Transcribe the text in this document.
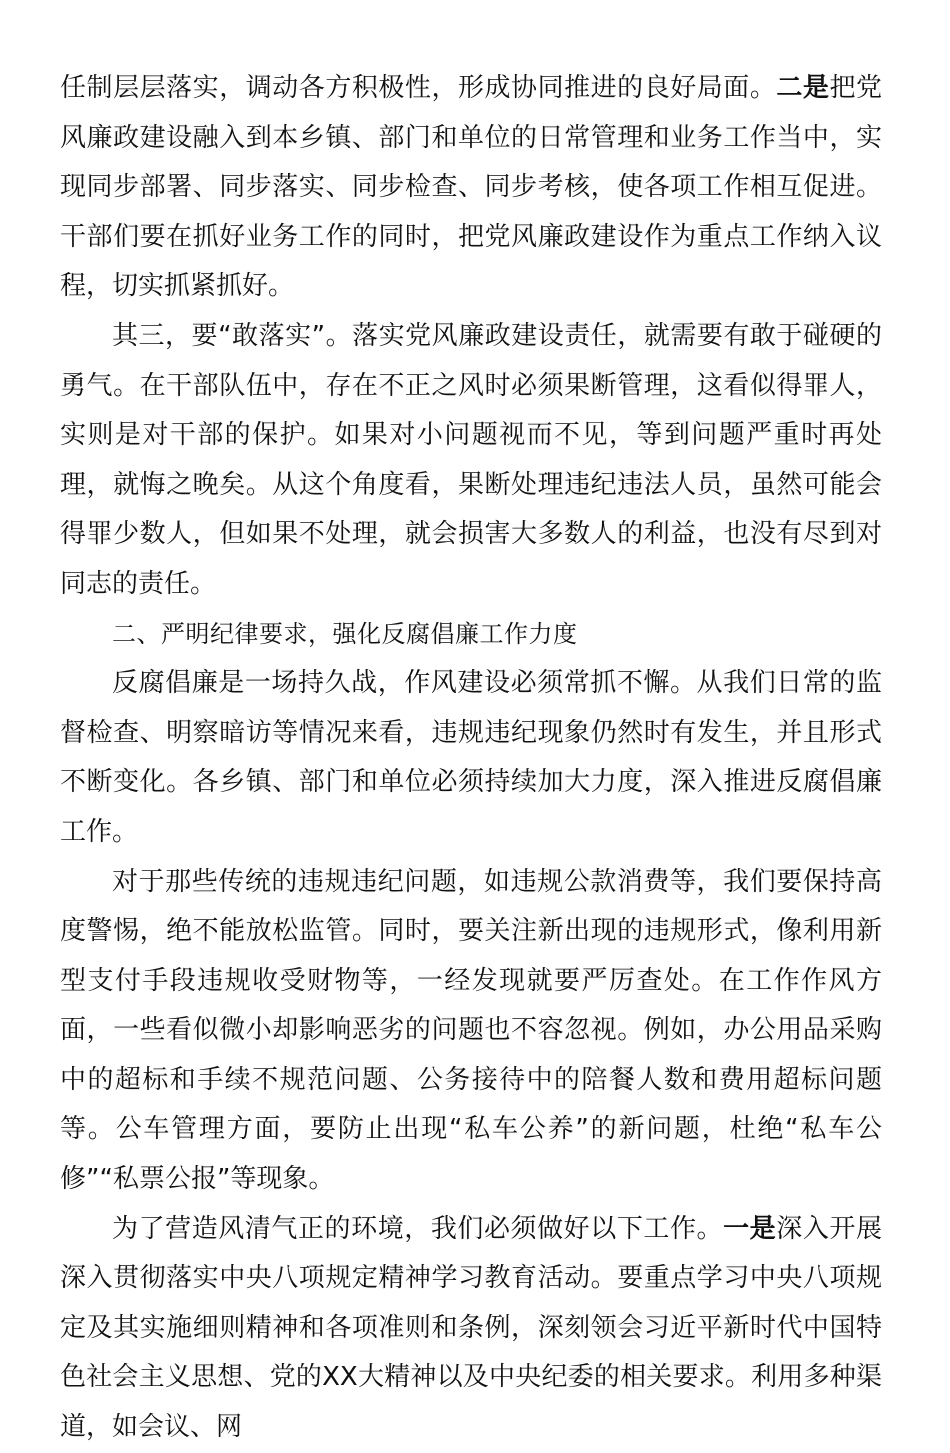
任制层层落实，调动各方积极性，形成协同推进的良好局面。二是把党风廉政建设融入到本乡镇、部门和单位的日常管理和业务工作当中，实现同步部署、同步落实、同步检查、同步考核，使各项工作相互促进。干部们要在抓好业务工作的同时，把党风廉政建设作为重点工作纳入议程，切实抓紧抓好。

其三，要“敢落实”。落实党风廉政建设责任，就需要有敢于碰硬的勇气。在干部队伍中，存在不正之风时必须果断管理，这看似得罪人，实则是对干部的保护。如果对小问题视而不见，等到问题严重时再处理，就悔之晚矣。从这个角度看，果断处理违纪违法人员，虽然可能会得罪少数人，但如果不处理，就会损害大多数人的利益，也没有尽到对同志的责任。

二、严明纪律要求，强化反腐倡廉工作力度

反腐倡廉是一场持久战，作风建设必须常抓不懈。从我们日常的监督检查、明察暗访等情况来看，违规违纪现象仍然时有发生，并且形式不断变化。各乡镇、部门和单位必须持续加大力度，深入推进反腐倡廉工作。

对于那些传统的违规违纪问题，如违规公款消费等，我们要保持高度警惕，绝不能放松监管。同时，要关注新出现的违规形式，像利用新型支付手段违规收受财物等，一经发现就要严厉查处。在工作作风方面，一些看似微小却影响恶劣的问题也不容忽视。例如，办公用品采购中的超标和手续不规范问题、公务接待中的陪餐人数和费用超标问题等。公车管理方面，要防止出现“私车公养”的新问题，杜绝“私车公修”“私票公报”等现象。

为了营造风清气正的环境，我们必须做好以下工作。一是深入开展深入贯彻落实中央八项规定精神学习教育活动。要重点学习中央八项规定及其实施细则精神和各项准则和条例，深刻领会习近平新时代中国特色社会主义思想、党的XX大精神以及中央纪委的相关要求。利用多种渠道，如会议、网
